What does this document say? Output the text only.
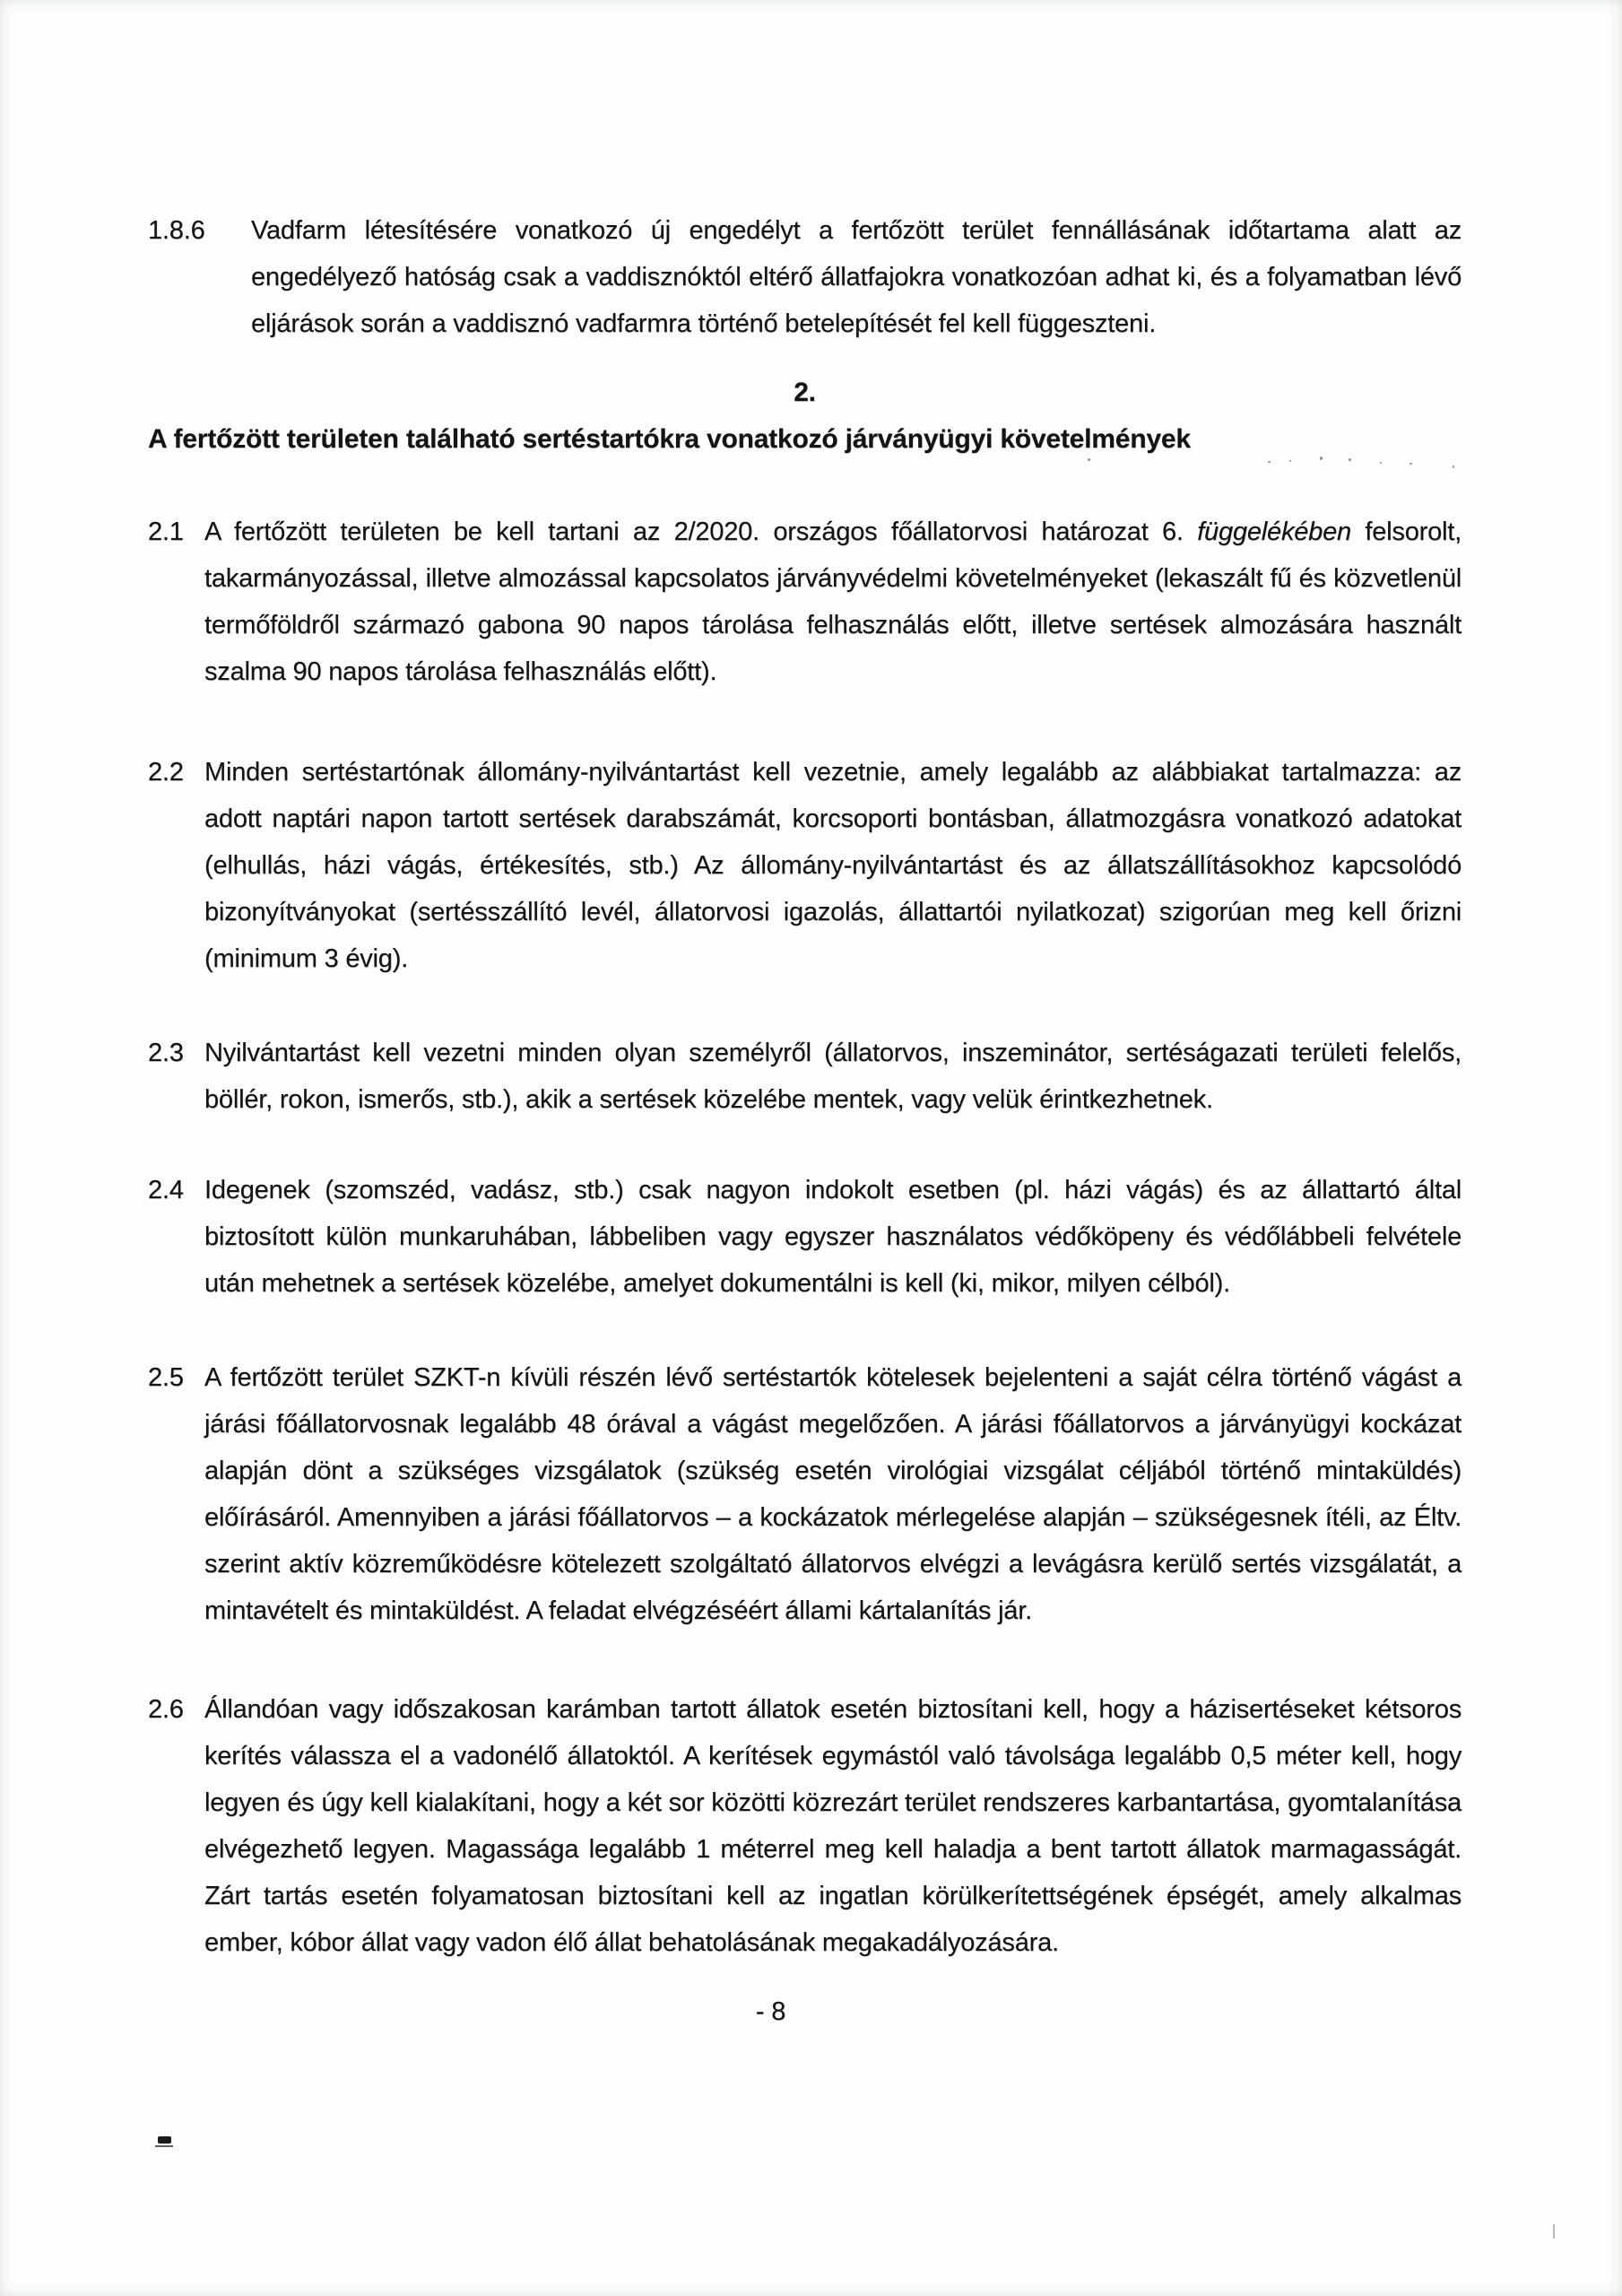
1.8.6 Vadfarm létesítésére vonatkozó új engedélyt a fertőzött terület fennállásának időtartama alatt az engedélyező hatóság csak a vaddisznóktól eltérő állatfajokra vonatkozóan adhat ki, és a folyamatban lévő eljárások során a vaddisznó vadfarmra történő betelepítését fel kell függeszteni.
2.
A fertőzött területen található sertéstartókra vonatkozó járványügyi követelmények
2.1 A fertőzött területen be kell tartani az 2/2020. országos főállatorvosi határozat 6. függelékében felsorolt, takarmányozással, illetve almozással kapcsolatos járványvédelmi követelményeket (lekaszált fű és közvetlenül termőföldről származó gabona 90 napos tárolása felhasználás előtt, illetve sertések almozására használt szalma 90 napos tárolása felhasználás előtt).
2.2 Minden sertéstartónak állomány-nyilvántartást kell vezetnie, amely legalább az alábbiakat tartalmazza: az adott naptári napon tartott sertések darabszámát, korcsoporti bontásban, állatmozgásra vonatkozó adatokat (elhullás, házi vágás, értékesítés, stb.) Az állomány-nyilvántartást és az állatszállításokhoz kapcsolódó bizonyítványokat (sertésszállító levél, állatorvosi igazolás, állattartói nyilatkozat) szigorúan meg kell őrizni (minimum 3 évig).
2.3 Nyilvántartást kell vezetni minden olyan személyről (állatorvos, inszeminátor, sertéságazati területi felelős, böllér, rokon, ismerős, stb.), akik a sertések közelébe mentek, vagy velük érintkezhetnek.
2.4 Idegenek (szomszéd, vadász, stb.) csak nagyon indokolt esetben (pl. házi vágás) és az állattartó által biztosított külön munkaruhában, lábbeliben vagy egyszer használatos védőköpeny és védőlábbeli felvétele után mehetnek a sertések közelébe, amelyet dokumentálni is kell (ki, mikor, milyen célból).
2.5 A fertőzött terület SZKT-n kívüli részén lévő sertéstartók kötelesek bejelenteni a saját célra történő vágást a járási főállatorvosnak legalább 48 órával a vágást megelőzően. A járási főállatorvos a járványügyi kockázat alapján dönt a szükséges vizsgálatok (szükség esetén virológiai vizsgálat céljából történő mintaküldés) előírásáról. Amennyiben a járási főállatorvos – a kockázatok mérlegelése alapján – szükségesnek ítéli, az Éltv. szerint aktív közreműködésre kötelezett szolgáltató állatorvos elvégzi a levágásra kerülő sertés vizsgálatát, a mintavételt és mintaküldést. A feladat elvégzéséért állami kártalanítás jár.
2.6 Állandóan vagy időszakosan karámban tartott állatok esetén biztosítani kell, hogy a házisertéseket kétsoros kerítés válassza el a vadonélő állatoktól. A kerítések egymástól való távolsága legalább 0,5 méter kell, hogy legyen és úgy kell kialakítani, hogy a két sor közötti közrezárt terület rendszeres karbantartása, gyomtalanítása elvégezhető legyen. Magassága legalább 1 méterrel meg kell haladja a bent tartott állatok marmagasságát. Zárt tartás esetén folyamatosan biztosítani kell az ingatlan körülkerítettségének épségét, amely alkalmas ember, kóbor állat vagy vadon élő állat behatolásának megakadályozására.
- 8
